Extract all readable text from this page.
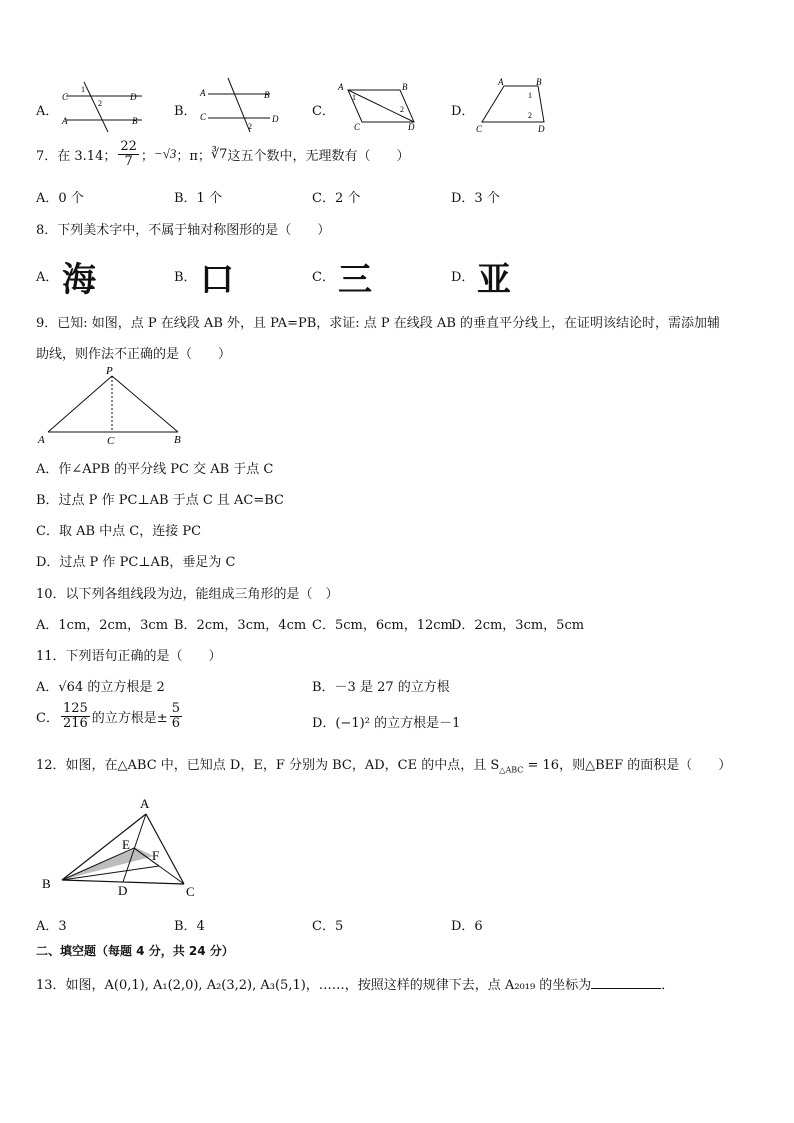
A．
C
1
2
D
A	B
B．
A	B
C
2
D	C．
A
1
B
2
C	D
D．
A	B
1
2
C	D
7．在 3.14； $\frac{22}{7}$ ； −√3 ；π； ∛7 这五个数中，无理数有（　　）
A．0 个	B．1 个	C．2 个	D．3 个
8．下列美术字中，不属于轴对称图形的是（　　）
A． 海	B． 口	C． 三	D． 亚
9．已知: 如图，点 P 在线段 AB 外，且 PA=PB，求证: 点 P 在线段 AB 的垂直平分线上，在证明该结论时，需添加辅
助线，则作法不正确的是（　　）
P
A	C	B
A．作∠APB 的平分线 PC 交 AB 于点 C
B．过点 P 作 PC⊥AB 于点 C 且 AC=BC
C．取 AB 中点 C，连接 PC
D．过点 P 作 PC⊥AB，垂足为 C
10．以下列各组线段为边，能组成三角形的是（　）
A．1cm，2cm，3cm B．2cm，3cm，4cm C．5cm，6cm，12cm
D．2cm，3cm，5cm
11．下列语句正确的是（　　）
A．√64 的立方根是 2	B．－3 是 27 的立方根
C． $\frac{125}{216}$ 的立方根是± $\frac{5}{6}$	D．(−1)² 的立方根是－1
12．如图，在△ABC 中，已知点 D，E，F 分别为 BC，AD，CE 的中点，且 $S_{\triangle ABC} = 16$，则△BEF 的面积是（　　）
A
E
F
B	D	C
A．3	B．4	C．5	D．6
二、填空题（每题 4 分，共 24 分）
13．如图，A(0,1), A₁(2,0), A₂(3,2), A₃(5,1)，……，按照这样的规律下去，点 A₂₀₁₉ 的坐标为	．
